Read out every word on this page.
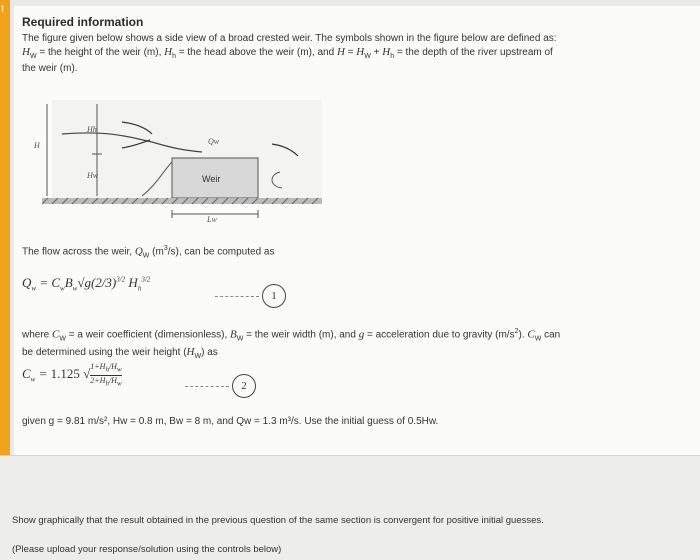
!
Required information
The figure given below shows a side view of a broad crested weir. The symbols shown in the figure below are defined as:
$H_W$ = the height of the weir (m), $H_h$ = the head above the weir (m), and $H = H_W + H_h$ = the depth of the river upstream of
the weir (m).
H
Hh
Hw
Qw
Weir
Lw
The flow across the weir, $Q_W$ $(m^3/s)$, can be computed as
$Q_w = C_wB_w√g(2/3)^{3/2}$ $H_h^{3/2}$
1
where $C_W = a$ weir coefficient (dimensionless), $B_W$ = the weir width (m), and g = acceleration due to gravity $(m/s^2)$. $C_W$ can
be determined using the weir height $(H_W)$ as
$C_w = 1.125$ $√1+H_h/H_w$

$2+H_h/H_w$	2
given g = 9.81 m/s², Hw = 0.8 m, Bw = 8 m, and Qw = 1.3 m³/s. Use the initial guess of 0.5Hw.
Show graphically that the result obtained in the previous question of the same section is convergent for positive initial guesses.
(Please upload your response/solution using the controls below)
